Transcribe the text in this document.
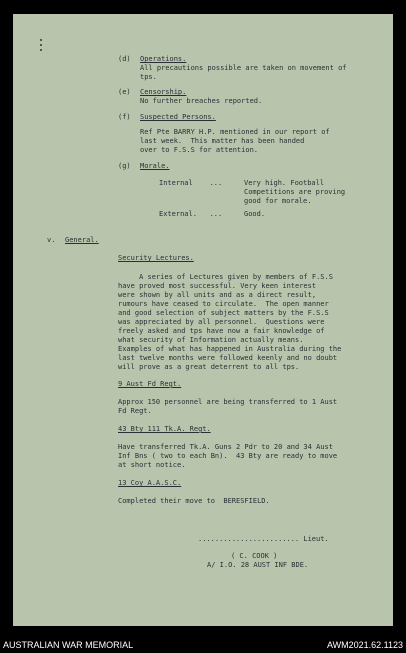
(d) Operations.
All precautions possible are taken on movement of
tps.
(e) Censorship.
No further breaches reported.
(f) Suspected Persons.
Ref Pte BARRY H.P. mentioned in our report of
last week.  This matter has been handed
over to F.S.S for attention.
(g) Morale.
Internal    ...	Very high. Football
Competitions are proving
good for morale.
External.   ...	Good.
v. General.
Security Lectures.
A series of Lectures given by members of F.S.S
have proved most successful. Very keen interest
were shown by all units and as a direct result,
rumours have ceased to circulate.  The open manner
and good selection of subject matters by the F.S.S
was appreciated by all personnel.  Questions were
freely asked and tps have now a fair knowledge of
what security of Information actually means.
Examples of what has happened in Australia during the
last twelve months were followed keenly and no doubt
will prove as a great deterrent to all tps.
9 Aust Fd Regt.
Approx 150 personnel are being transferred to 1 Aust
Fd Regt.
43 Bty 111 Tk.A. Regt.
Have transferred Tk.A. Guns 2 Pdr to 20 and 34 Aust
Inf Bns ( two to each Bn).  43 Bty are ready to move
at short notice.
13 Coy A.A.S.C.
Completed their move to  BERESFIELD.
........................ Lieut.
( C. COOK )
A/ I.O. 28 AUST INF BDE.
AUSTRALIAN WAR MEMORIAL	AWM2021.62.1123
